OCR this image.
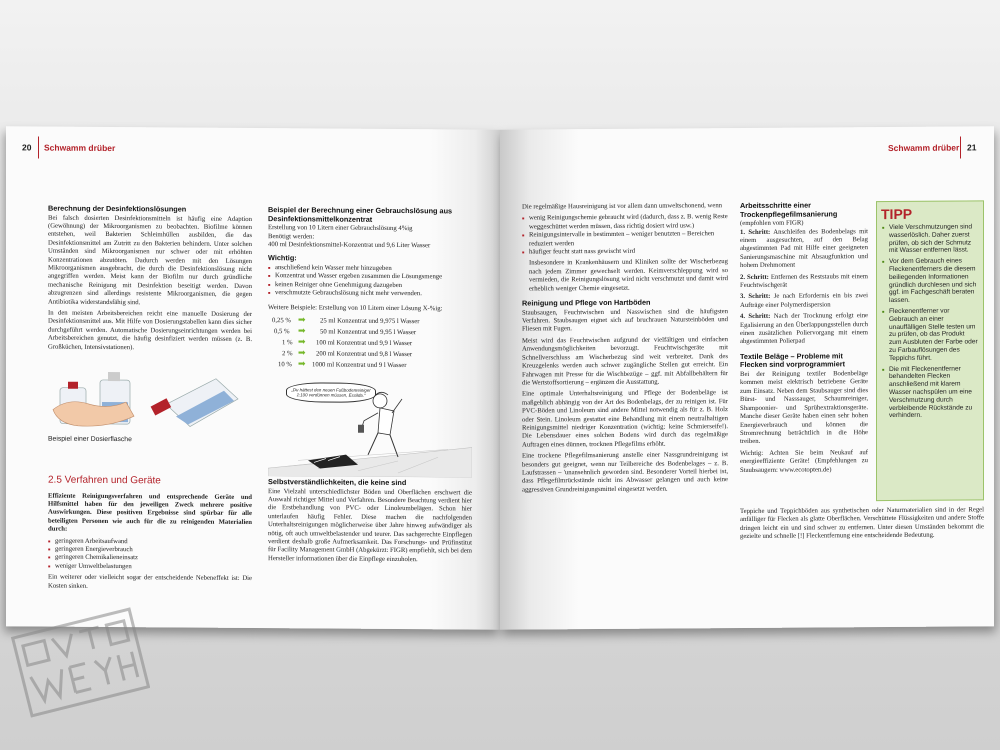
20 Schwamm drüber
Berechnung der Desinfektionslösungen

Bei falsch dosierten Desinfektionsmitteln ist häufig eine Adaption (Gewöhnung) der Mikroorganismen zu beobachten. Biofilme können entstehen, weil Bakterien Schleimhüllen ausbilden, die das Desinfektionsmittel am Zutritt zu den Bakterien behindern. Unter solchen Umständen sind Mikroorganismen nur schwer oder mit erhöhten Konzentrationen abzutöten. Dadurch werden mit den Lösungen Mikroorganismen ausgebracht, die durch die Desinfektionslösung nicht angegriffen werden. Meist kann der Biofilm nur durch gründliche mechanische Reinigung mit Desinfektion beseitigt werden. Davon abzugrenzen sind allerdings resistente Mikroorganismen, die gegen Antibiotika widerstandsfähig sind.

In den meisten Arbeitsbereichen reicht eine manuelle Dosierung der Desinfektionsmittel aus. Mit Hilfe von Dosierungstabellen kann dies sicher durchgeführt werden. Automatische Dosierungseinrichtungen werden bei Arbeitsbereichen genutzt, die häufig desinfiziert werden müssen (z. B. Großküchen, Intensivstationen).

Beispiel einer Dosierflasche

2.5 Verfahren und Geräte

Effiziente Reinigungsverfahren und entsprechende Geräte und Hilfsmittel haben für den jeweiligen Zweck mehrere positive Auswirkungen. Diese positiven Ergebnisse sind spürbar für alle beteiligten Personen wie auch für die zu reinigenden Materialien durch:

■ geringeren Arbeitsaufwand
■ geringeren Energieverbrauch
■ geringeren Chemikalieneinsatz
■ weniger Umweltbelastungen

Ein weiterer oder vielleicht sogar der entscheidende Nebeneffekt ist: Die Kosten sinken.

Beispiel der Berechnung einer Gebrauchslösung aus Desinfektionsmittelkonzentrat

Erstellung von 10 Litern einer Gebrauchslösung 4%ig

Benötigt werden:

400 ml Desinfektionsmittel-Konzentrat und 9,6 Liter Wasser

Wichtig:
■ anschließend kein Wasser mehr hinzugeben
■ Konzentrat und Wasser ergeben zusammen die Lösungsmenge
■ keinen Reiniger ohne Genehmigung dazugeben
■ verschmutzte Gebrauchslösung nicht mehr verwenden.

Weitere Beispiele: Erstellung von 10 Litern einer Lösung X-%ig:

0,25 % ➡ 25 ml Konzentrat und 9,975 l Wasser
0,5 % ➡ 50 ml Konzentrat und 9,95 l Wasser
1 % ➡ 100 ml Konzentrat und 9,9 l Wasser
2 % ➡ 200 ml Konzentrat und 9,8 l Wasser
10 % ➡ 1000 ml Konzentrat und 9 l Wasser
„Du hättest den neuen Fußbodenreiniger 1:100 verdünnen müssen, Essilda.“
Selbstverständlichkeiten, die keine sind

Eine Vielzahl unterschiedlichster Böden und Oberflächen erschwert die Auswahl richtiger Mittel und Verfahren. Besondere Beachtung verdient hier die Erstbehandlung von PVC- oder Linoleumbelägen. Schon hier unterlaufen häufig Fehler. Diese machen die nachfolgenden Unterhaltsreinigungen möglicherweise über Jahre hinweg aufwändiger als nötig, oft auch umweltbelastender und teurer. Das sachgerechte Einpflegen verdient deshalb große Aufmerksamkeit. Das Forschungs- und Prüfinstitut für Facility Management GmbH (Abgekürzt: FIGR) empfiehlt, sich bei dem Hersteller informationen über die Einpflege einzuholen.

Schwamm drüber 21

Die regelmäßige Hausreinigung ist vor allem dann umweltschonend, wenn

■ wenig Reinigungschemie gebraucht wird (dadurch, dass z. B. wenig Reste weggeschüttet werden müssen, dass richtig dosiert wird usw.)
■ Reinigungsintervalle in bestimmten – weniger benutzten – Bereichen reduziert werden
■ häufiger feucht statt nass gewischt wird

Insbesondere in Krankenhäusern und Kliniken sollte der Wischerbezug nach jedem Zimmer gewechselt werden. Keimverschleppung wird so vermieden, die Reinigungslösung wird nicht verschmutzt und damit wird erheblich weniger Chemie eingesetzt.

Reinigung und Pflege von Hartböden

Staubsaugen, Feuchtwischen und Nasswischen sind die häufigsten Verfahren. Staubsaugen eignet sich auf bruchrauen Natursteinböden und Fliesen mit Fugen.

Meist wird das Feuchtwischen aufgrund der vielfältigen und einfachen Anwendungsmöglichkeiten bevorzugt. Feuchtwischgeräte mit Schnellverschluss am Wischerbezug sind weit verbreitet. Dank des Kreuzgelenks werden auch schwer zugängliche Stellen gut erreicht. Ein Fahrwagen mit Presse für die Wischbezüge – ggf. mit Abfallbehältern für die Wertstoffsortierung – ergänzen die Ausstattung.

Eine optimale Unterhaltsreinigung und Pflege der Bodenbeläge ist maßgeblich abhängig von der Art des Bodenbelags, der zu reinigen ist. Für PVC-Böden und Linoleum sind andere Mittel notwendig als für z. B. Holz oder Stein. Linoleum gestattet eine Behandlung mit einem neutralhaltigen Reinigungsmittel niedriger Konzentration (wichtig: keine Schmierseife!). Die Lebensdauer eines solchen Bodens wird durch das regelmäßige Auftragen eines dünnen, trocknen Pflegefilms erhöht.

Eine trockene Pflegefilmsanierung anstelle einer Nassgrundreinigung ist besonders gut geeignet, wenn nur Teilbereiche des Bodenbelages – z. B. Laufstrassen – 'unansehnlich geworden sind. Besonderer Vorteil hierbei ist, dass Pflegefilmrückstände nicht ins Abwasser gelangen und auch keine aggressiven Grundreinigungsmittel eingesetzt werden.

Arbeitsschritte einer Trockenpflegefilmsanierung

(empfohlen vom FIGR)

1. Schritt: Anschleifen des Bodenbelags mit einem ausgesuchten, auf den Belag abgestimmten Pad mit Hilfe einer geeigneten Sanierungsmaschine mit Absaugfunktion und hohem Drehmoment

2. Schritt: Entfernen des Reststaubs mit einem Feuchtwischgerät

3. Schritt: Je nach Erfordernis ein bis zwei Aufträge einer Polymerdispersion

4. Schritt: Nach der Trocknung erfolgt eine Egalisierung an den Überlappungsstellen durch einen zusätzlichen Poliervorgang mit einem abgestimmten Polierpad

Textile Beläge – Probleme mit Flecken sind vorprogrammiert

Bei der Reinigung textiler Bodenbeläge kommen meist elektrisch betriebene Geräte zum Einsatz. Neben dem Staubsauger sind dies Bürst- und Nasssauger, Schaumreiniger, Shampoonier- und Sprühextraktionsgeräte. Manche dieser Geräte haben einen sehr hohen Energieverbrauch und können die Stromrechnung beträchtlich in die Höhe treiben.

Wichtig: Achten Sie beim Neukauf auf energieeffiziente Geräte! (Empfehlungen zu Staubsaugern: www.ecotopten.de)

Teppiche und Teppichböden aus synthetischen oder Naturmaterialien sind in der Regel anfälliger für Flecken als glatte Oberflächen. Verschüttete Flüssigkeiten und andere Stoffe dringen leicht ein und sind schwer zu entfernen. Unter diesen Umständen bekommt die gezielte und schnelle [!] Fleckentfernung eine entscheidende Bedeutung.

TIPP
■ Viele Verschmutzungen sind wasserlöslich. Daher zuerst prüfen, ob sich der Schmutz mit Wasser entfernen lässt.
■ Vor dem Gebrauch eines Fleckenentferners die diesem beiliegenden Informationen gründlich durchlesen und sich ggf. im Fachgeschäft beraten lassen.
■ Fleckenentferner vor Gebrauch an einer unauffälligen Stelle testen um zu prüfen, ob das Produkt zum Ausbluten der Farbe oder zu Farbauflösungen des Teppichs führt.
■ Die mit Fleckenentferner behandelten Flecken anschließend mit klarem Wasser nachspülen um eine Verschmutzung durch verbleibende Rückstände zu verhindern.
